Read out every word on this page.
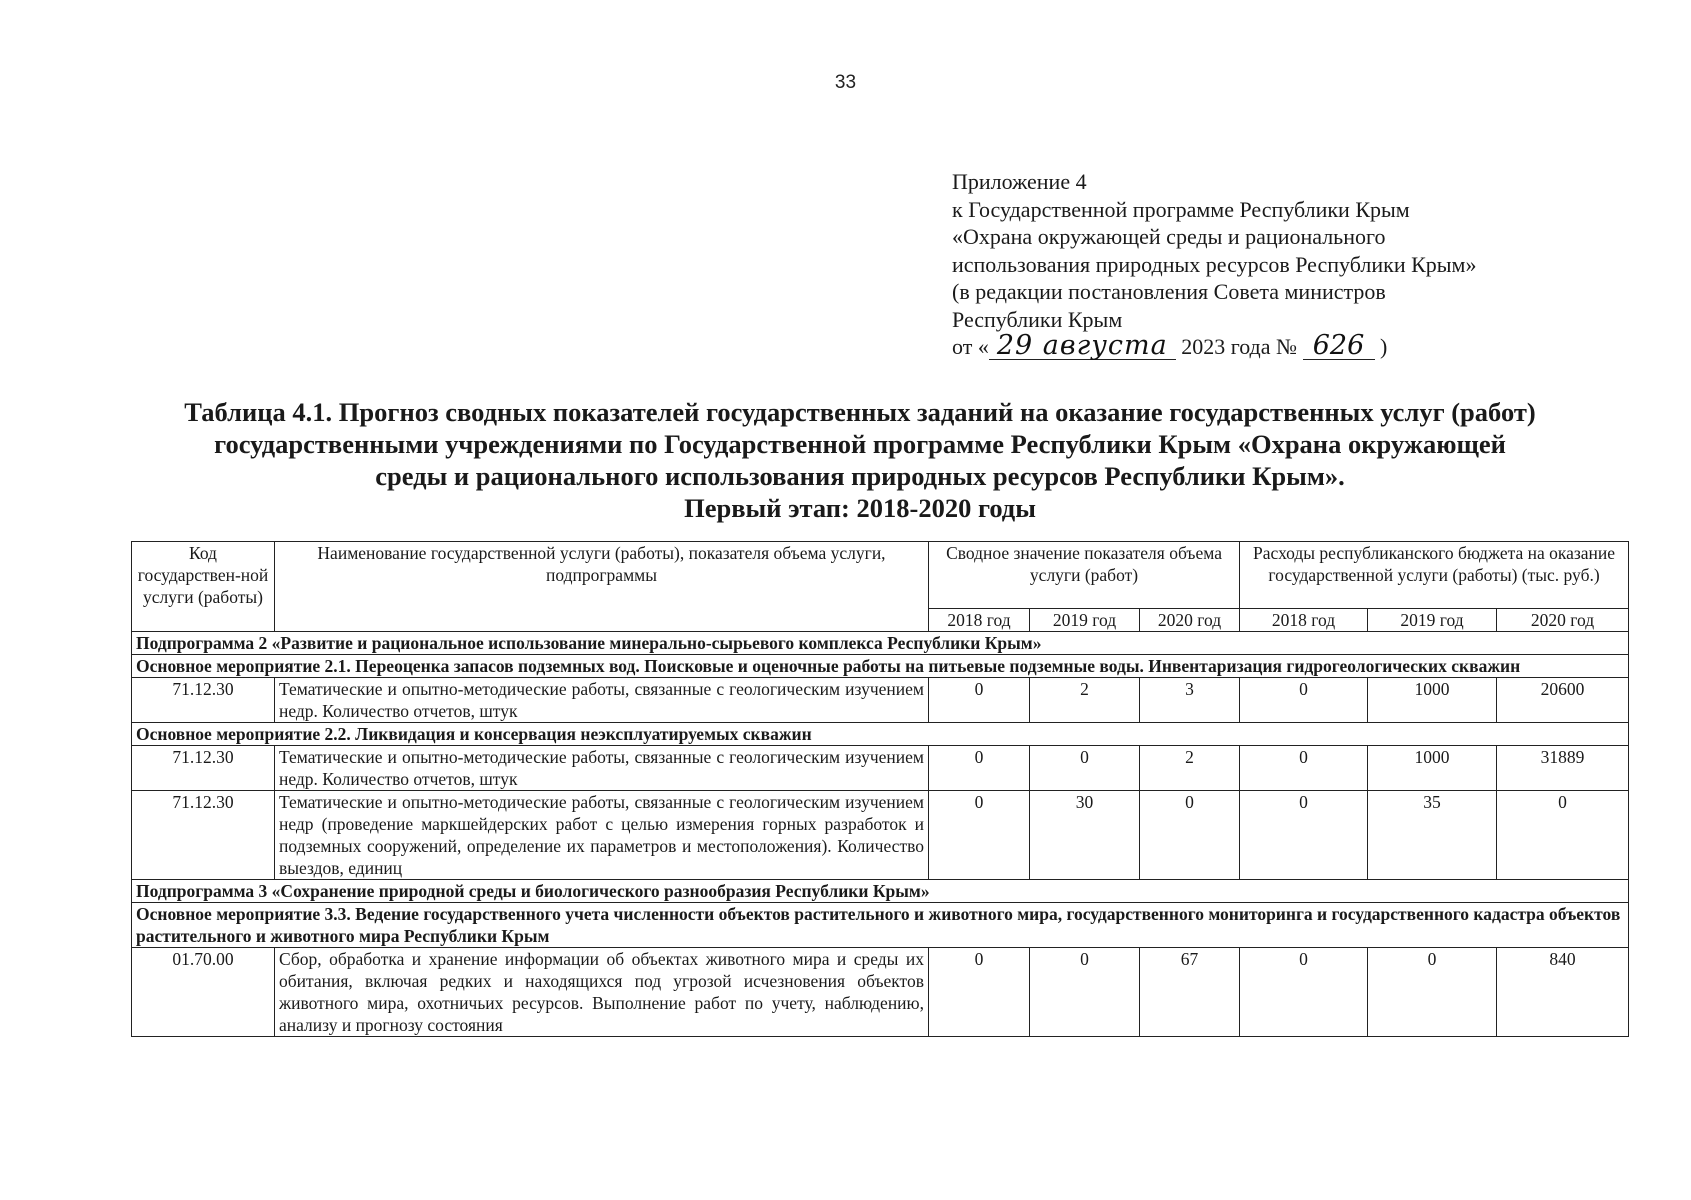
33
Приложение 4
к Государственной программе Республики Крым
«Охрана окружающей среды и рационального
использования природных ресурсов Республики Крым»
(в редакции постановления Совета министров
Республики Крым
от « 29 августа 2023 года № 626 )
Таблица 4.1. Прогноз сводных показателей государственных заданий на оказание государственных услуг (работ)
государственными учреждениями по Государственной программе Республики Крым «Охрана окружающей
среды и рационального использования природных ресурсов Республики Крым».
Первый этап: 2018-2020 годы
Код государствен-ной услуги (работы)	Наименование государственной услуги (работы), показателя объема услуги, подпрограммы	Сводное значение показателя объема услуги (работ)			Расходы республиканского бюджета на оказание государственной услуги (работы) (тыс. руб.)		
		2018 год	2019 год	2020 год	2018 год	2019 год	2020 год
Подпрограмма 2 «Развитие и рациональное использование минерально-сырьевого комплекса Республики Крым»							
Основное мероприятие 2.1. Переоценка запасов подземных вод. Поисковые и оценочные работы на питьевые подземные воды. Инвентаризация гидрогеологических скважин							
71.12.30	Тематические и опытно-методические работы, связанные с геологическим изучением недр. Количество отчетов, штук	0	2	3	0	1000	20600
Основное мероприятие 2.2. Ликвидация и консервация неэксплуатируемых скважин							
71.12.30	Тематические и опытно-методические работы, связанные с геологическим изучением недр. Количество отчетов, штук	0	0	2	0	1000	31889
71.12.30	Тематические и опытно-методические работы, связанные с геологическим изучением недр (проведение маркшейдерских работ с целью измерения горных разработок и подземных сооружений, определение их параметров и местоположения). Количество выездов, единиц	0	30	0	0	35	0
Подпрограмма 3 «Сохранение природной среды и биологического разнообразия Республики Крым»							
Основное мероприятие 3.3. Ведение государственного учета численности объектов растительного и животного мира, государственного мониторинга и государственного кадастра объектов растительного и животного мира Республики Крым							
01.70.00	Сбор, обработка и хранение информации об объектах животного мира и среды их обитания, включая редких и находящихся под угрозой исчезновения объектов животного мира, охотничьих ресурсов. Выполнение работ по учету, наблюдению, анализу и прогнозу состояния	0	0	67	0	0	840
